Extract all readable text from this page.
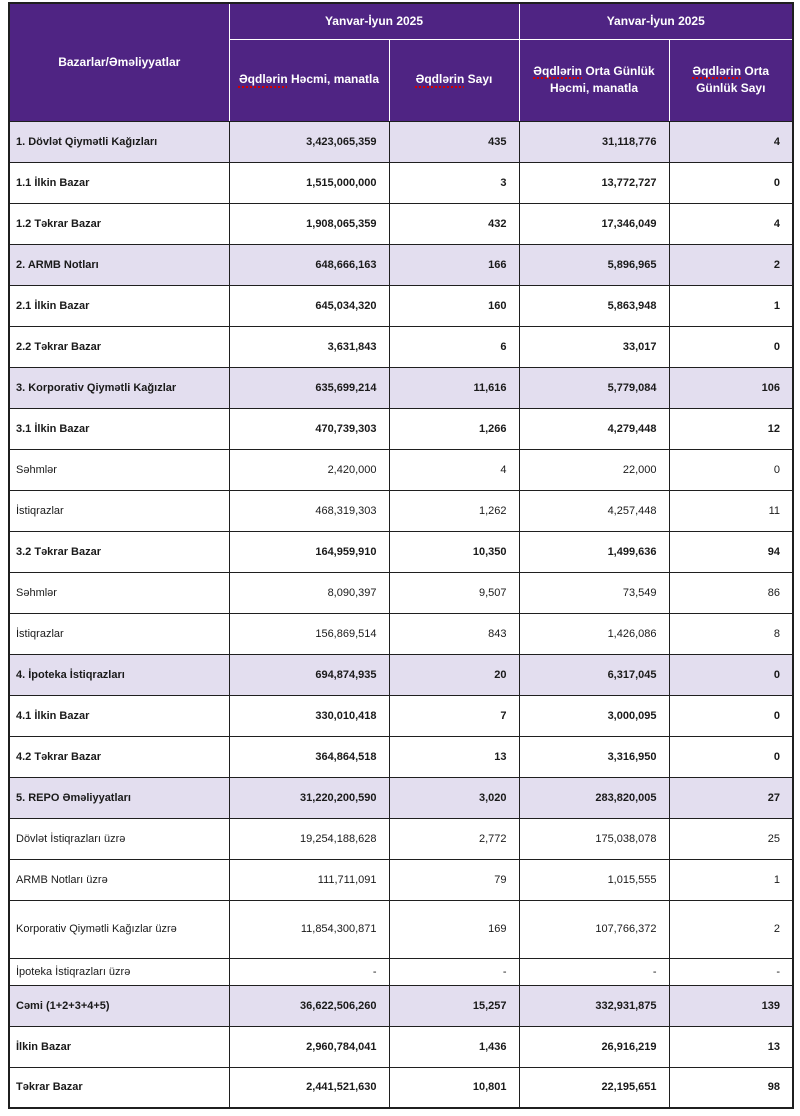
Bazarlar/Əməliyyatlar	Yanvar-İyun 2025		Yanvar-İyun 2025	
	Əqdlərin Həcmi, manatla	Əqdlərin Sayı	Əqdlərin Orta Günlük Həcmi, manatla	Əqdlərin Orta Günlük Sayı
1. Dövlət Qiymətli Kağızları	3,423,065,359	435	31,118,776	4
1.1 İlkin Bazar	1,515,000,000	3	13,772,727	0
1.2 Təkrar Bazar	1,908,065,359	432	17,346,049	4
2. ARMB Notları	648,666,163	166	5,896,965	2
2.1 İlkin Bazar	645,034,320	160	5,863,948	1
2.2 Təkrar Bazar	3,631,843	6	33,017	0
3. Korporativ Qiymətli Kağızlar	635,699,214	11,616	5,779,084	106
3.1 İlkin Bazar	470,739,303	1,266	4,279,448	12
Səhmlər	2,420,000	4	22,000	0
İstiqrazlar	468,319,303	1,262	4,257,448	11
3.2 Təkrar Bazar	164,959,910	10,350	1,499,636	94
Səhmlər	8,090,397	9,507	73,549	86
İstiqrazlar	156,869,514	843	1,426,086	8
4. İpoteka İstiqrazları	694,874,935	20	6,317,045	0
4.1 İlkin Bazar	330,010,418	7	3,000,095	0
4.2 Təkrar Bazar	364,864,518	13	3,316,950	0
5. REPO Əməliyyatları	31,220,200,590	3,020	283,820,005	27
Dövlət İstiqrazları üzrə	19,254,188,628	2,772	175,038,078	25
ARMB Notları üzrə	111,711,091	79	1,015,555	1
Korporativ Qiymətli Kağızlar üzrə	11,854,300,871	169	107,766,372	2
İpoteka İstiqrazları üzrə	-	-	-	-
Cəmi (1+2+3+4+5)	36,622,506,260	15,257	332,931,875	139
İlkin Bazar	2,960,784,041	1,436	26,916,219	13
Təkrar Bazar	2,441,521,630	10,801	22,195,651	98
